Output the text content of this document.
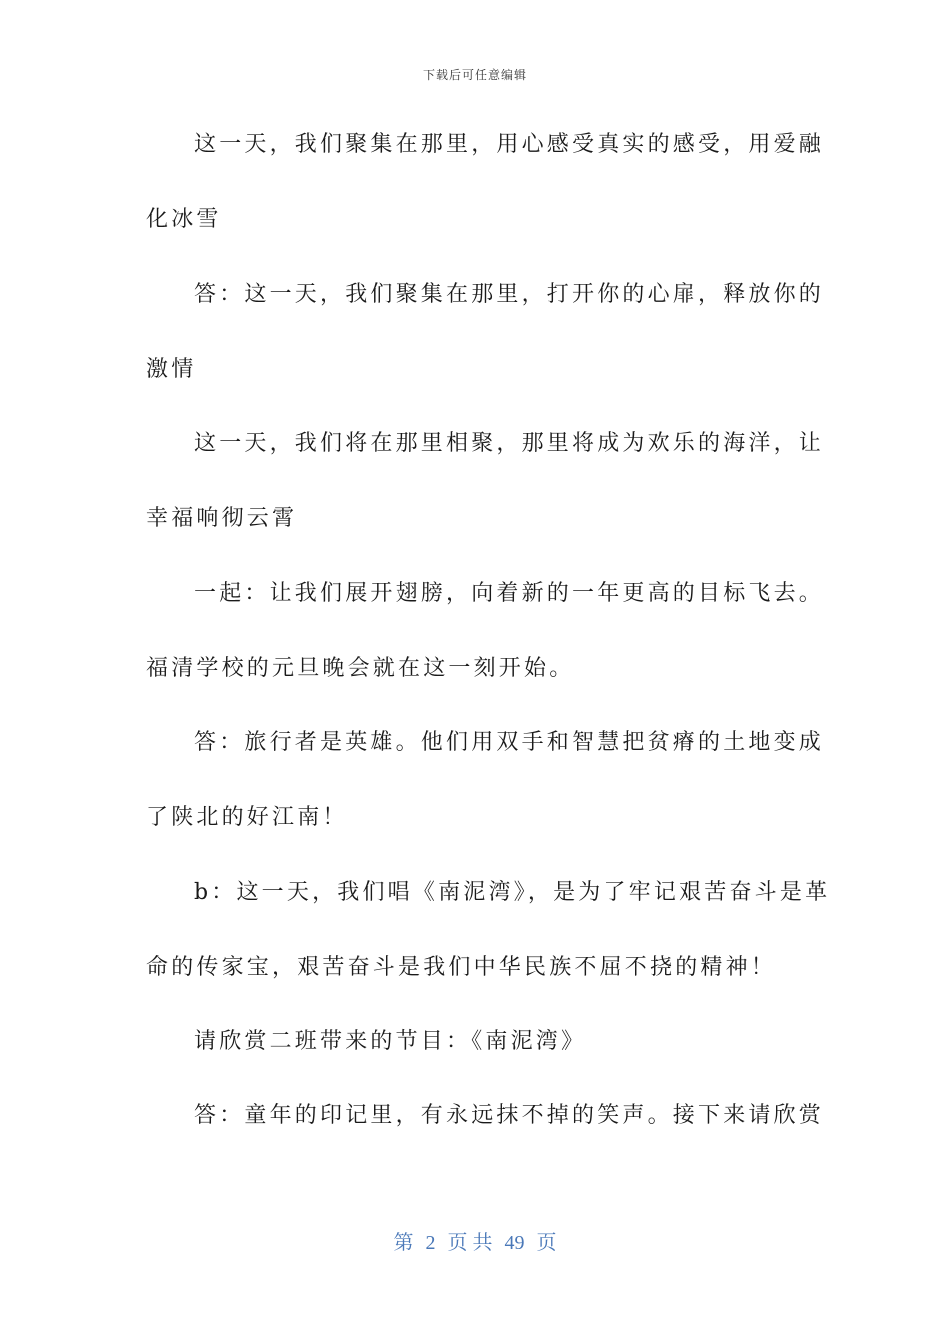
下载后可任意编辑
这一天，我们聚集在那里，用心感受真实的感受，用爱融
化冰雪
答：这一天，我们聚集在那里，打开你的心扉，释放你的
激情
这一天，我们将在那里相聚，那里将成为欢乐的海洋，让
幸福响彻云霄
一起：让我们展开翅膀，向着新的一年更高的目标飞去。
福清学校的元旦晚会就在这一刻开始。
答：旅行者是英雄。他们用双手和智慧把贫瘠的土地变成
了陕北的好江南！
b：这一天，我们唱《南泥湾》，是为了牢记艰苦奋斗是革
命的传家宝，艰苦奋斗是我们中华民族不屈不挠的精神！
请欣赏二班带来的节目：《南泥湾》
答：童年的印记里，有永远抹不掉的笑声。接下来请欣赏
第 2 页 共 49 页
